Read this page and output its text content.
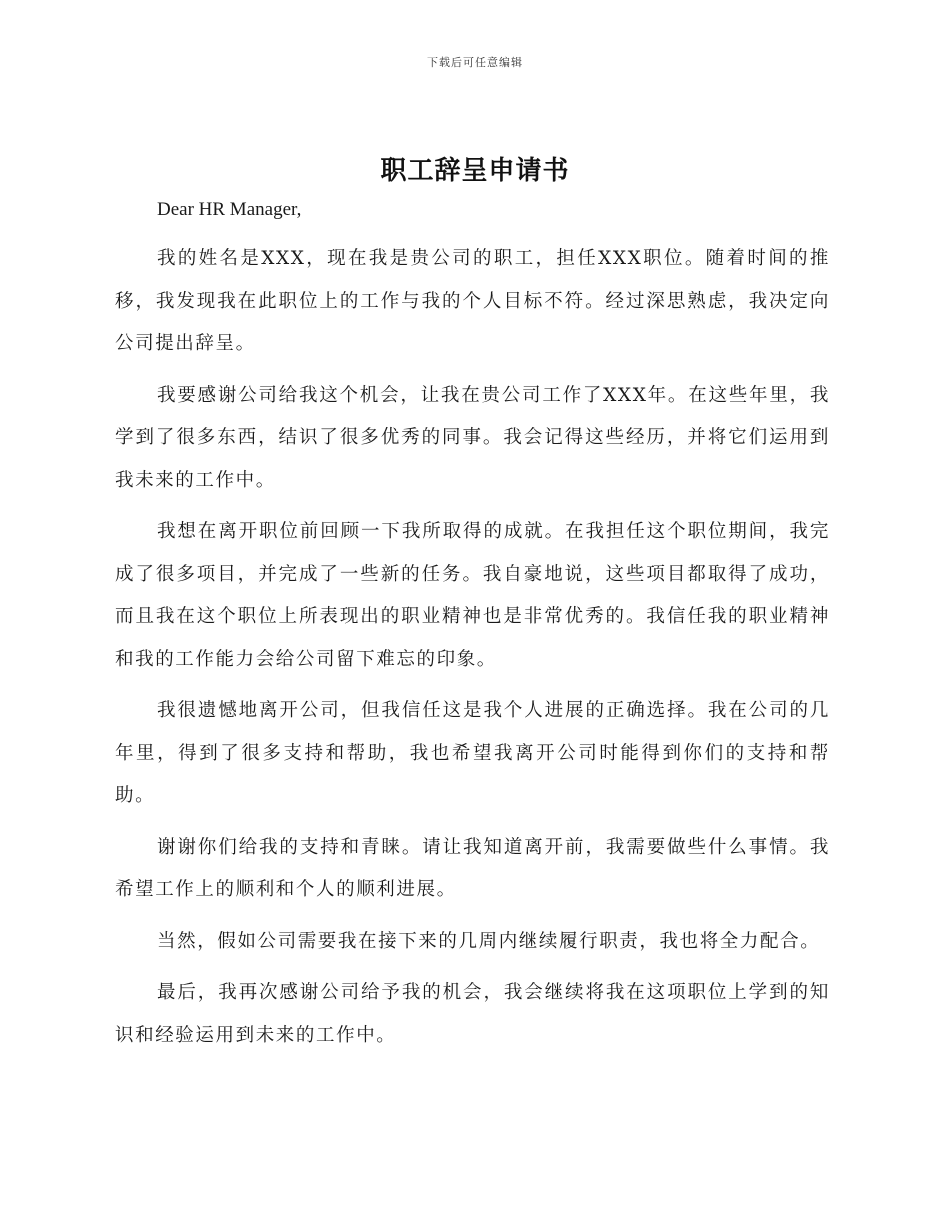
下载后可任意编辑
职工辞呈申请书

Dear HR Manager,

我的姓名是XXX，现在我是贵公司的职工，担任XXX职位。随着时间的推移，我发现我在此职位上的工作与我的个人目标不符。经过深思熟虑，我决定向公司提出辞呈。

我要感谢公司给我这个机会，让我在贵公司工作了XXX年。在这些年里，我学到了很多东西，结识了很多优秀的同事。我会记得这些经历，并将它们运用到我未来的工作中。

我想在离开职位前回顾一下我所取得的成就。在我担任这个职位期间，我完成了很多项目，并完成了一些新的任务。我自豪地说，这些项目都取得了成功，而且我在这个职位上所表现出的职业精神也是非常优秀的。我信任我的职业精神和我的工作能力会给公司留下难忘的印象。

我很遗憾地离开公司，但我信任这是我个人进展的正确选择。我在公司的几年里，得到了很多支持和帮助，我也希望我离开公司时能得到你们的支持和帮助。

谢谢你们给我的支持和青睐。请让我知道离开前，我需要做些什么事情。我希望工作上的顺利和个人的顺利进展。

当然，假如公司需要我在接下来的几周内继续履行职责，我也将全力配合。

最后，我再次感谢公司给予我的机会，我会继续将我在这项职位上学到的知识和经验运用到未来的工作中。
